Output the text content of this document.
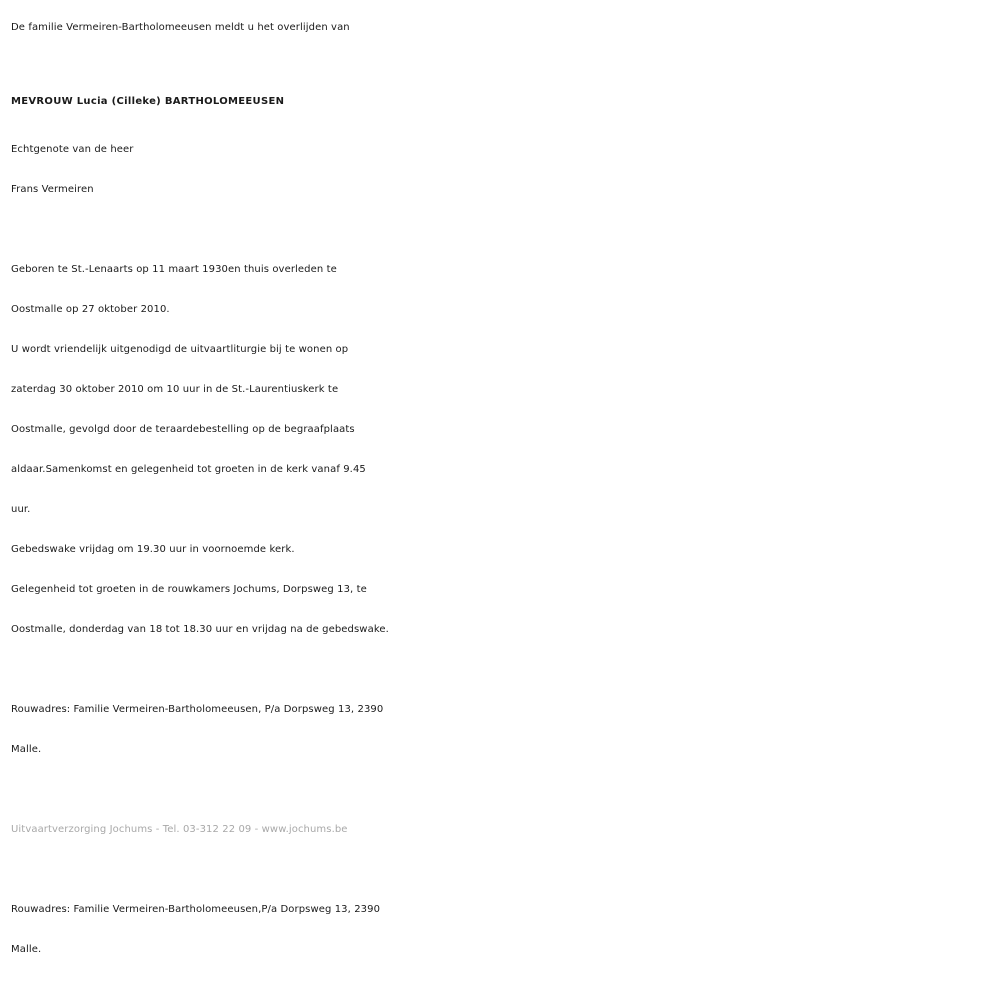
De familie Vermeiren-Bartholomeeusen meldt u het overlijden van
MEVROUW Lucia (Cilleke) BARTHOLOMEEUSEN
Echtgenote van de heer
Frans Vermeiren
Geboren te St.-Lenaarts op 11 maart 1930en thuis overleden te
Oostmalle op 27 oktober 2010.
U wordt vriendelijk uitgenodigd de uitvaartliturgie bij te wonen op
zaterdag 30 oktober 2010 om 10 uur in de St.-Laurentiuskerk te
Oostmalle, gevolgd door de teraardebestelling op de begraafplaats
aldaar.Samenkomst en gelegenheid tot groeten in de kerk vanaf 9.45
uur.
Gebedswake vrijdag om 19.30 uur in voornoemde kerk.
Gelegenheid tot groeten in de rouwkamers Jochums, Dorpsweg 13, te
Oostmalle, donderdag van 18 tot 18.30 uur en vrijdag na de gebedswake.
Rouwadres: Familie Vermeiren-Bartholomeeusen, P/a Dorpsweg 13, 2390
Malle.
Uitvaartverzorging Jochums - Tel. 03-312 22 09 - www.jochums.be
Rouwadres: Familie Vermeiren-Bartholomeeusen,P/a Dorpsweg 13, 2390
Malle.
